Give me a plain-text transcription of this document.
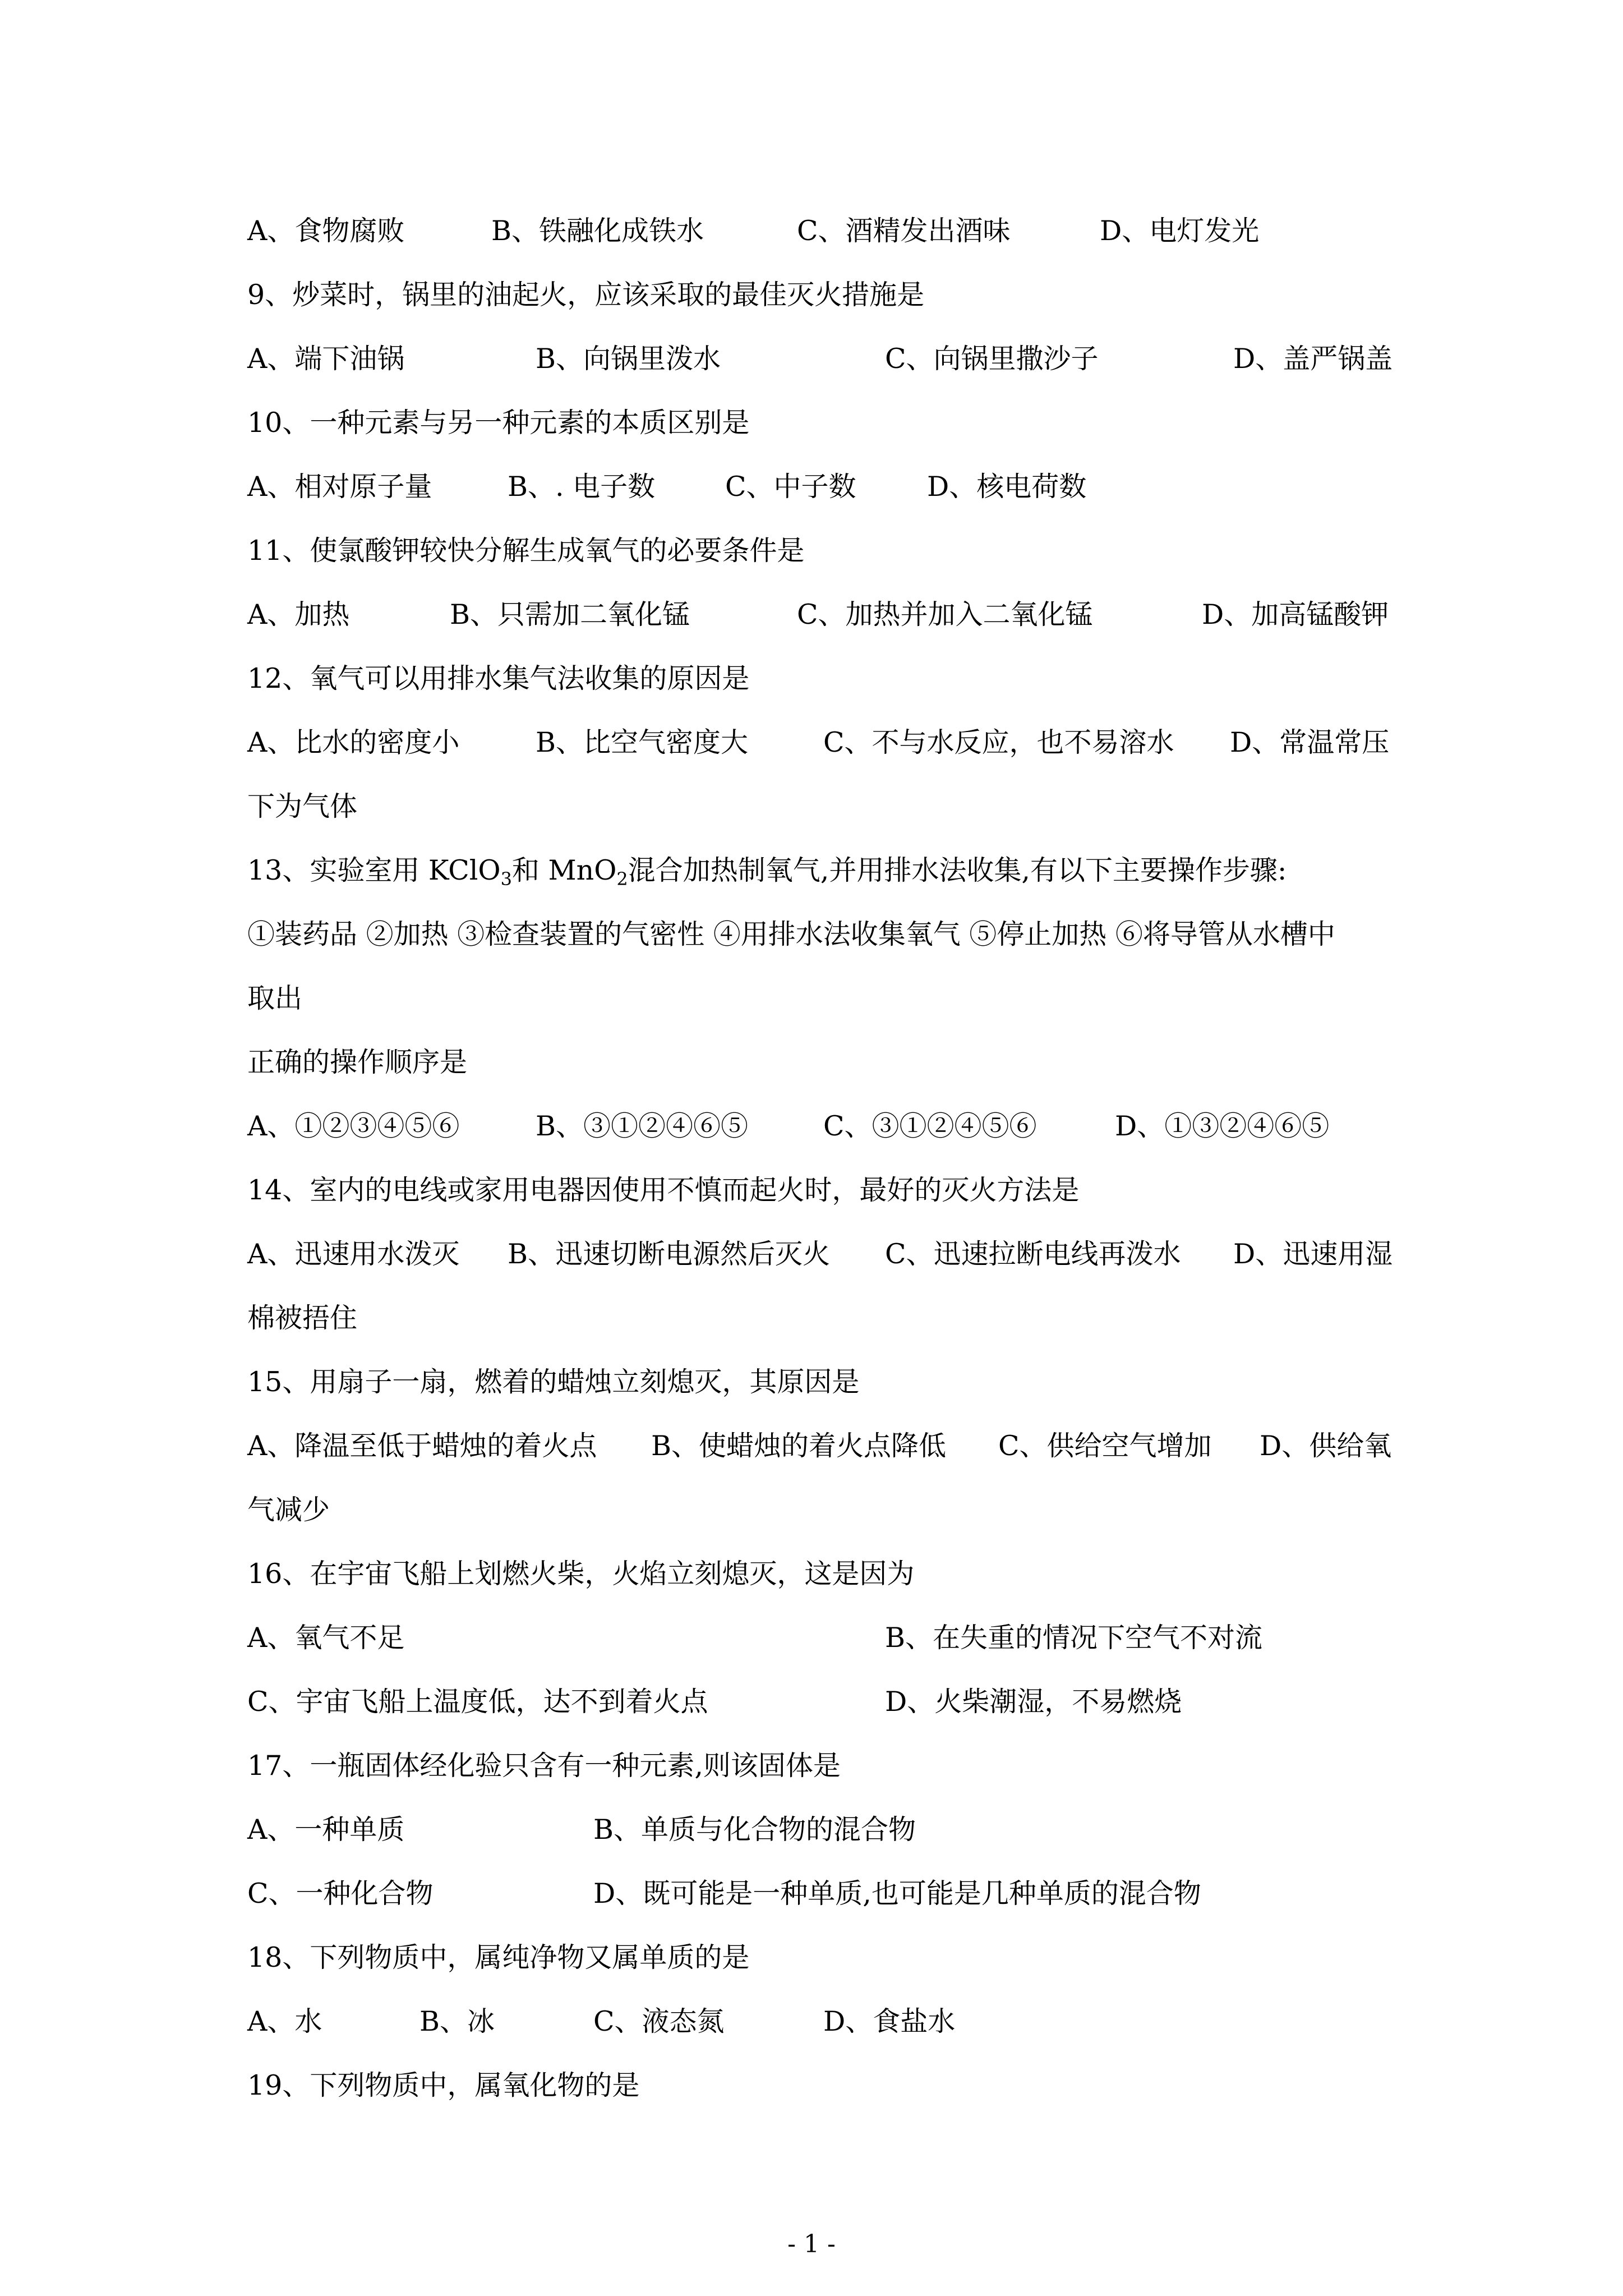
A、食物腐败	B、铁融化成铁水	C、酒精发出酒味	D、电灯发光
9、炒菜时，锅里的油起火，应该采取的最佳灭火措施是
A、端下油锅	B、向锅里泼水	C、向锅里撒沙子	D、盖严锅盖
10、一种元素与另一种元素的本质区别是
A、相对原子量	B、. 电子数	C、中子数	D、核电荷数
11、使氯酸钾较快分解生成氧气的必要条件是
A、加热	B、只需加二氧化锰	C、加热并加入二氧化锰	D、加高锰酸钾
12、氧气可以用排水集气法收集的原因是
A、比水的密度小	B、比空气密度大	C、不与水反应，也不易溶水 D、常温常压
下为气体
13、实验室用 KClO$_3$和 MnO$_2$混合加热制氧气,并用排水法收集,有以下主要操作步骤:
①装药品 ②加热 ③检查装置的气密性 ④用排水法收集氧气 ⑤停止加热 ⑥将导管从水槽中
取出
正确的操作顺序是
A、①②③④⑤⑥	B、③①②④⑥⑤	C、③①②④⑤⑥	D、①③②④⑥⑤
14、室内的电线或家用电器因使用不慎而起火时，最好的灭火方法是
A、迅速用水泼灭 B、迅速切断电源然后灭火 C、迅速拉断电线再泼水 D、迅速用湿
棉被捂住
15、用扇子一扇，燃着的蜡烛立刻熄灭，其原因是
A、降温至低于蜡烛的着火点 B、使蜡烛的着火点降低 C、供给空气增加 D、供给氧
气减少
16、在宇宙飞船上划燃火柴，火焰立刻熄灭，这是因为
A、氧气不足	B、在失重的情况下空气不对流
C、宇宙飞船上温度低，达不到着火点	D、火柴潮湿，不易燃烧
17、一瓶固体经化验只含有一种元素,则该固体是
A、一种单质	B、单质与化合物的混合物
C、一种化合物	D、既可能是一种单质,也可能是几种单质的混合物
18、下列物质中，属纯净物又属单质的是
A、水	B、冰	C、液态氮	D、食盐水
19、下列物质中，属氧化物的是
- 1 -
